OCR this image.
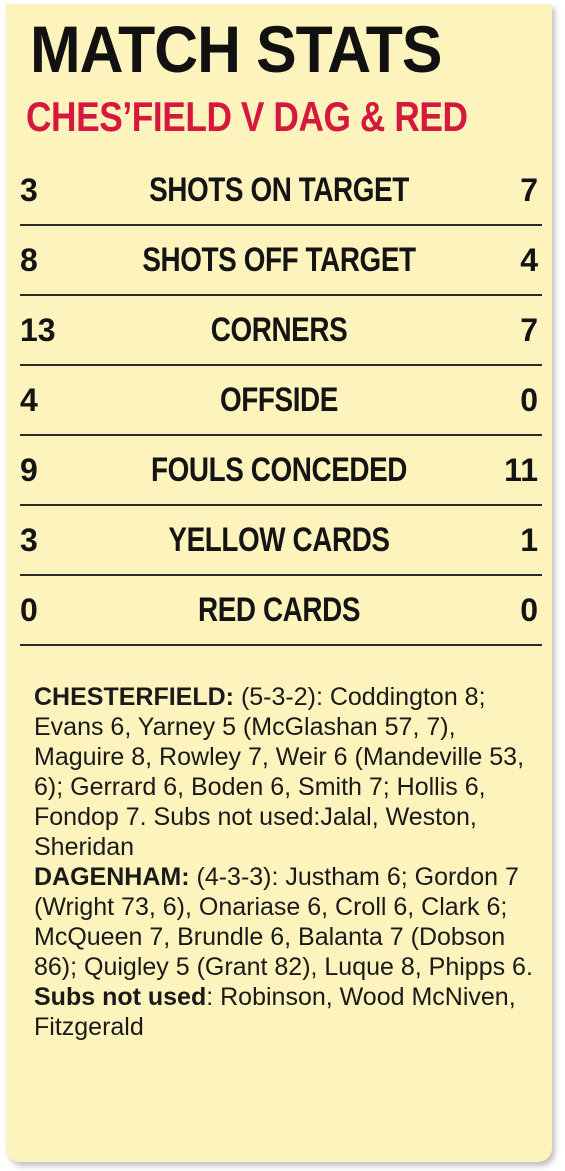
MATCH STATS
CHES’FIELD V DAG & RED
3	SHOTS ON TARGET	7
8	SHOTS OFF TARGET	4
13	CORNERS	7
4	OFFSIDE	0
9	FOULS CONCEDED	11
3	YELLOW CARDS	1
0	RED CARDS	0

CHESTERFIELD: (5-3-2): Coddington 8; Evans 6, Yarney 5 (McGlashan 57, 7), Maguire 8, Rowley 7, Weir 6 (Mandeville 53, 6); Gerrard 6, Boden 6, Smith 7; Hollis 6, Fondop 7. Subs not used:Jalal, Weston, Sheridan

DAGENHAM: (4-3-3): Justham 6; Gordon 7 (Wright 73, 6), Onariase 6, Croll 6, Clark 6; McQueen 7, Brundle 6, Balanta 7 (Dobson 86); Quigley 5 (Grant 82), Luque 8, Phipps 6. Subs not used: Robinson, Wood McNiven, Fitzgerald
